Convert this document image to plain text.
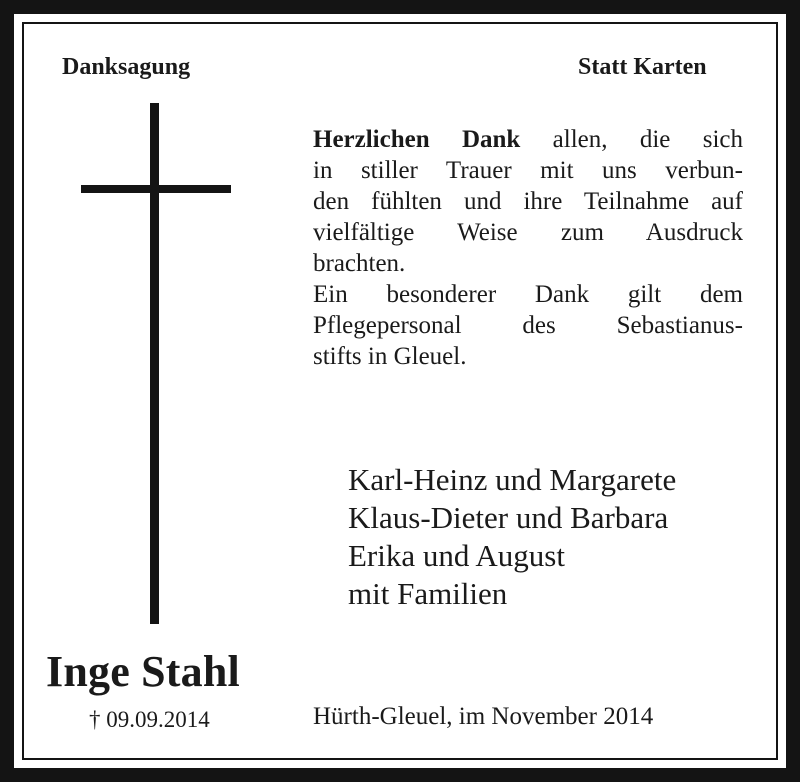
Danksagung	Statt Karten
Herzlichen Dank allen, die sich
in stiller Trauer mit uns verbun-
den fühlten und ihre Teilnahme auf
vielfältige Weise zum Ausdruck
brachten.
Ein besonderer Dank gilt dem
Pflegepersonal des Sebastianus-
stifts in Gleuel.
Karl-Heinz und Margarete
Klaus-Dieter und Barbara
Erika und August
mit Familien
Inge Stahl
† 09.09.2014	Hürth-Gleuel, im November 2014
